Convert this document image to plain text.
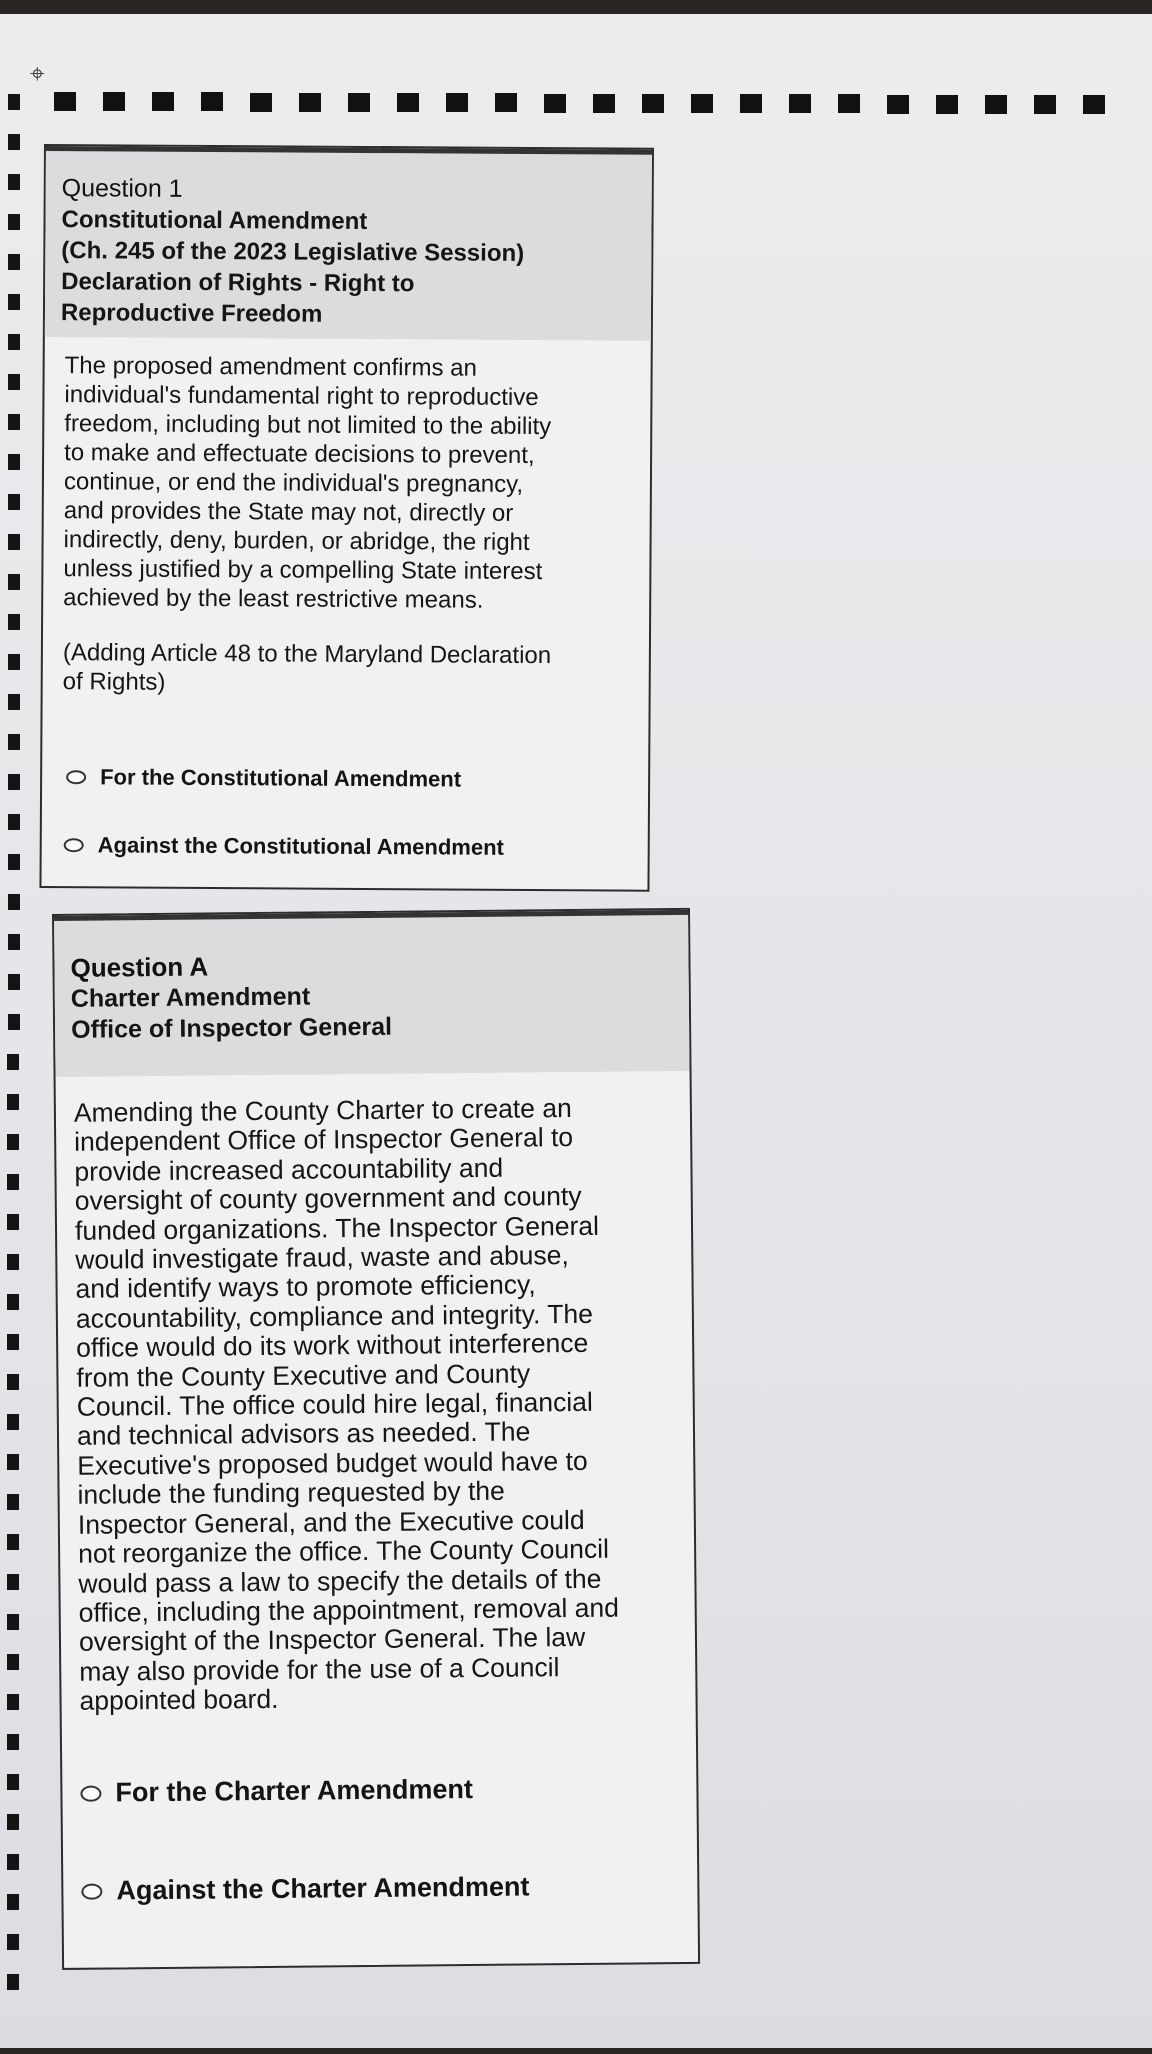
⌖
Question 1
Constitutional Amendment
(Ch. 245 of the 2023 Legislative Session)
Declaration of Rights - Right to
Reproductive Freedom
The proposed amendment confirms an
individual's fundamental right to reproductive
freedom, including but not limited to the ability
to make and effectuate decisions to prevent,
continue, or end the individual's pregnancy,
and provides the State may not, directly or
indirectly, deny, burden, or abridge, the right
unless justified by a compelling State interest
achieved by the least restrictive means.
(Adding Article 48 to the Maryland Declaration
of Rights)
For the Constitutional Amendment
Against the Constitutional Amendment
Question A
Charter Amendment
Office of Inspector General
Amending the County Charter to create an
independent Office of Inspector General to
provide increased accountability and
oversight of county government and county
funded organizations. The Inspector General
would investigate fraud, waste and abuse,
and identify ways to promote efficiency,
accountability, compliance and integrity. The
office would do its work without interference
from the County Executive and County
Council. The office could hire legal, financial
and technical advisors as needed. The
Executive's proposed budget would have to
include the funding requested by the
Inspector General, and the Executive could
not reorganize the office. The County Council
would pass a law to specify the details of the
office, including the appointment, removal and
oversight of the Inspector General. The law
may also provide for the use of a Council
appointed board.
For the Charter Amendment
Against the Charter Amendment
